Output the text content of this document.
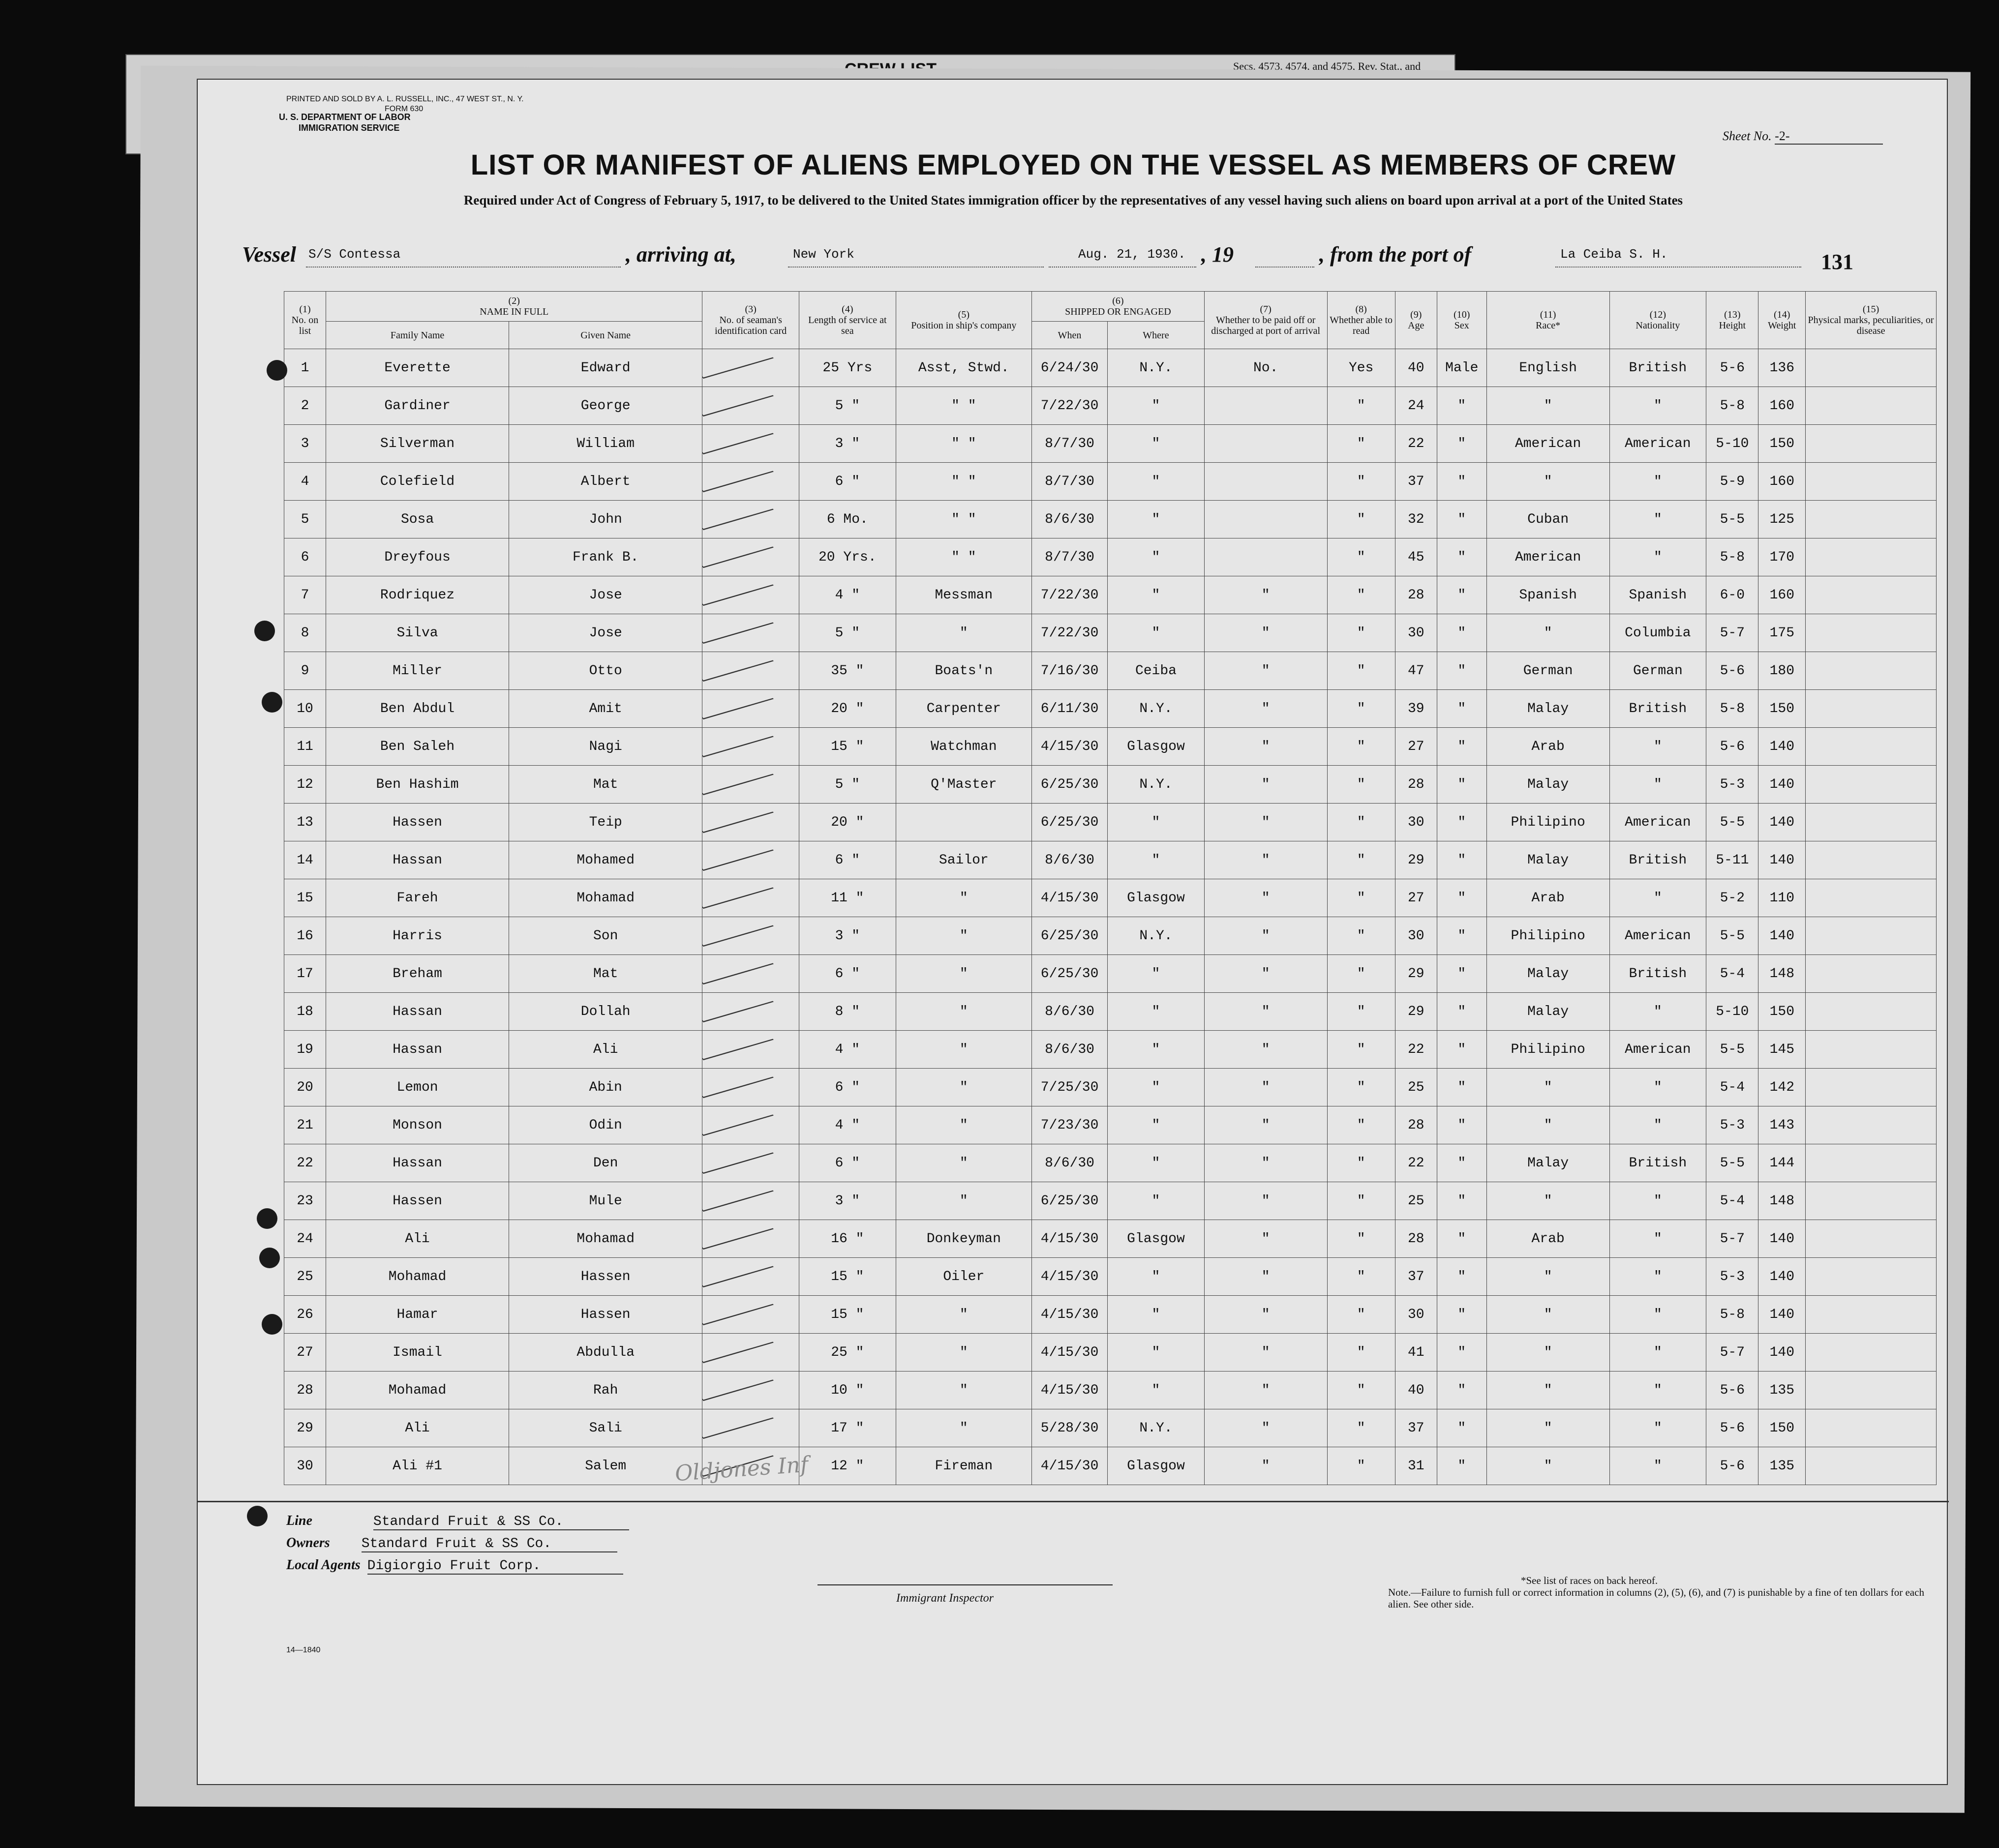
Secs. 4573, 4574, and 4575, Rev. Stat., and
PRINTED AND SOLD BY A. L. RUSSELL, INC., 47 WEST ST., N. Y.
FORM 630
U. S. DEPARTMENT OF LABOR
IMMIGRATION SERVICE
Sheet No. -2-
LIST OR MANIFEST OF ALIENS EMPLOYED ON THE VESSEL AS MEMBERS OF CREW
Required under Act of Congress of February 5, 1917, to be delivered to the United States immigration officer by the representatives of any vessel having such aliens on board upon arrival at a port of the United States
Vessel S/S Contessa	, arriving at,	New York	Aug. 21, 1930. , 19	, from the port of	La Ceiba S. H.	131
(1)
No. on list	(2)
NAME IN FULL		(3)
No. of seaman's identification card	(4)
Length of service at sea	(5)
Position in ship's company	(6)
SHIPPED OR ENGAGED		(7)
Whether to be paid off or discharged at port of arrival	(8)
Whether able to read	(9)
Age	(10)
Sex	(11)
Race*	(12)
Nationality	(13)
Height	(14)
Weight	(15)
Physical marks, peculiarities, or disease
	Family Name	Given Name				When	Where									
1	Everette	Edward		25 Yrs	Asst, Stwd.	6/24/30	N.Y.	No.	Yes	40	Male	English	British	5-6	136	
2	Gardiner	George		5 "	" "	7/22/30	"		"	24	"	"	"	5-8	160	
3	Silverman	William		3 "	" "	8/7/30	"		"	22	"	American	American	5-10	150	
4	Colefield	Albert		6 "	" "	8/7/30	"		"	37	"	"	"	5-9	160	
5	Sosa	John		6 Mo.	" "	8/6/30	"		"	32	"	Cuban	"	5-5	125	
6	Dreyfous	Frank B.		20 Yrs.	" "	8/7/30	"		"	45	"	American	"	5-8	170	
7	Rodriquez	Jose		4 "	Messman	7/22/30	"	"	"	28	"	Spanish	Spanish	6-0	160	
8	Silva	Jose		5 "	"	7/22/30	"	"	"	30	"	"	Columbia	5-7	175	
9	Miller	Otto		35 "	Boats'n	7/16/30	Ceiba	"	"	47	"	German	German	5-6	180	
10	Ben Abdul	Amit		20 "	Carpenter	6/11/30	N.Y.	"	"	39	"	Malay	British	5-8	150	
11	Ben Saleh	Nagi		15 "	Watchman	4/15/30	Glasgow	"	"	27	"	Arab	"	5-6	140	
12	Ben Hashim	Mat		5 "	Q'Master	6/25/30	N.Y.	"	"	28	"	Malay	"	5-3	140	
13	Hassen	Teip		20 "		6/25/30	"	"	"	30	"	Philipino	American	5-5	140	
14	Hassan	Mohamed		6 "	Sailor	8/6/30	"	"	"	29	"	Malay	British	5-11	140	
15	Fareh	Mohamad		11 "	"	4/15/30	Glasgow	"	"	27	"	Arab	"	5-2	110	
16	Harris	Son		3 "	"	6/25/30	N.Y.	"	"	30	"	Philipino	American	5-5	140	
17	Breham	Mat		6 "	"	6/25/30	"	"	"	29	"	Malay	British	5-4	148	
18	Hassan	Dollah		8 "	"	8/6/30	"	"	"	29	"	Malay	"	5-10	150	
19	Hassan	Ali		4 "	"	8/6/30	"	"	"	22	"	Philipino	American	5-5	145	
20	Lemon	Abin		6 "	"	7/25/30	"	"	"	25	"	"	"	5-4	142	
21	Monson	Odin		4 "	"	7/23/30	"	"	"	28	"	"	"	5-3	143	
22	Hassan	Den		6 "	"	8/6/30	"	"	"	22	"	Malay	British	5-5	144	
23	Hassen	Mule		3 "	"	6/25/30	"	"	"	25	"	"	"	5-4	148	
24	Ali	Mohamad		16 "	Donkeyman	4/15/30	Glasgow	"	"	28	"	Arab	"	5-7	140	
25	Mohamad	Hassen		15 "	Oiler	4/15/30	"	"	"	37	"	"	"	5-3	140	
26	Hamar	Hassen		15 "	"	4/15/30	"	"	"	30	"	"	"	5-8	140	
27	Ismail	Abdulla		25 "	"	4/15/30	"	"	"	41	"	"	"	5-7	140	
28	Mohamad	Rah		10 "	"	4/15/30	"	"	"	40	"	"	"	5-6	135	
29	Ali	Sali		17 "	"	5/28/30	N.Y.	"	"	37	"	"	"	5-6	150	
30	Ali #1	Salem		12 "	Fireman	4/15/30	Glasgow	"	"	31	"	"	"	5-6	135	
Line	Standard Fruit & SS Co.
Owners Standard Fruit & SS Co.
Local Agents Digiorgio Fruit Corp.
Immigrant Inspector
*See list of races on back hereof.
Note.—Failure to furnish full or correct information in columns (2), (5), (6), and (7) is punishable by a fine of ten dollars for each alien. See other side.
14—1840
Oldjones Inf
